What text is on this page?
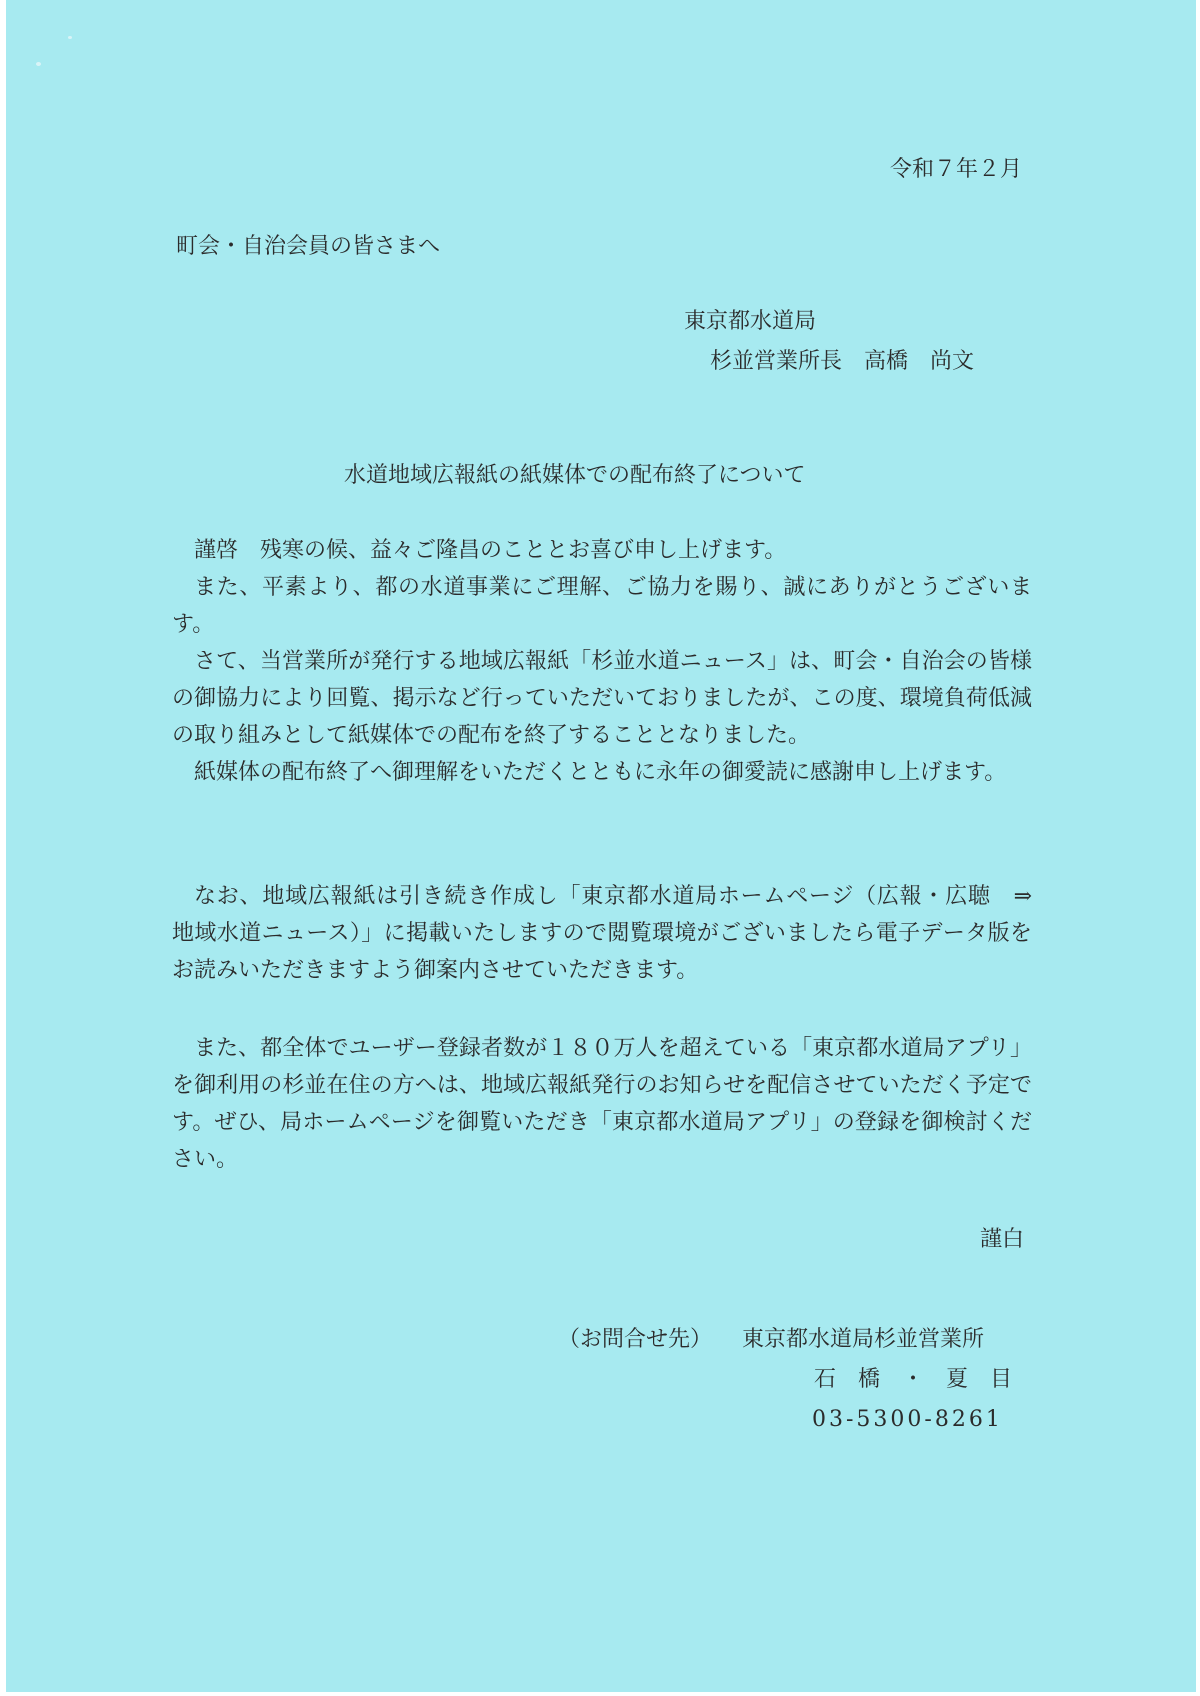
令和７年２月
町会・自治会員の皆さまへ
東京都水道局
杉並営業所長　高橋　尚文
水道地域広報紙の紙媒体での配布終了について

謹啓　残寒の候、益々ご隆昌のこととお喜び申し上げます。

また、平素より、都の水道事業にご理解、ご協力を賜り、誠にありがとうございます。

さて、当営業所が発行する地域広報紙「杉並水道ニュース」は、町会・自治会の皆様の御協力により回覧、掲示など行っていただいておりましたが、この度、環境負荷低減の取り組みとして紙媒体での配布を終了することとなりました。

紙媒体の配布終了へ御理解をいただくとともに永年の御愛読に感謝申し上げます。

なお、地域広報紙は引き続き作成し「東京都水道局ホームページ（広報・広聴　⇒　地域水道ニュース）」に掲載いたしますので閲覧環境がございましたら電子データ版をお読みいただきますよう御案内させていただきます。

また、都全体でユーザー登録者数が１８０万人を超えている「東京都水道局アプリ」を御利用の杉並在住の方へは、地域広報紙発行のお知らせを配信させていただく予定です。ぜひ、局ホームページを御覧いただき「東京都水道局アプリ」の登録を御検討ください。

謹白
（お問合せ先） 東京都水道局杉並営業所
石　橋　・　夏　目
03-5300-8261
